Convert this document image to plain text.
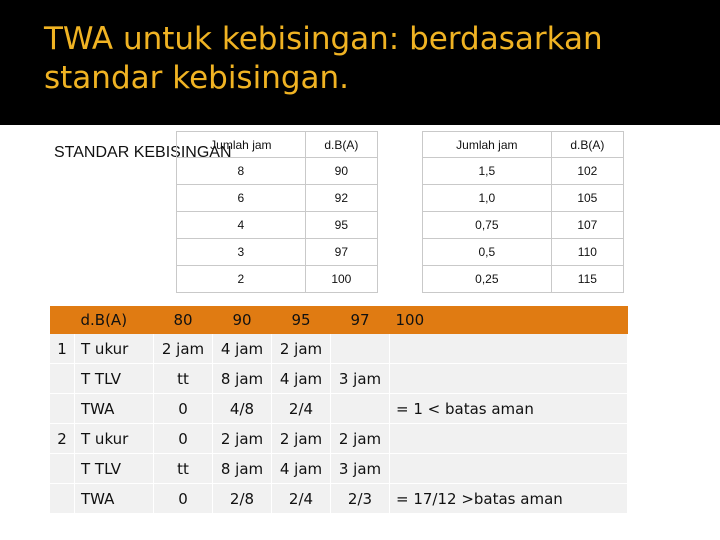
TWA untuk kebisingan: berdasarkan standar kebisingan.
STANDAR KEBISINGAN
Jumlah jam	d.B(A)		Jumlah jam	d.B(A)
8	90		1,5	102
6	92		1,0	105
4	95		0,75	107
3	97		0,5	110
2	100		0,25	115
	d.B(A)	80	90	95	97	100
1	T ukur	2 jam	4 jam	2 jam		
	T TLV	tt	8 jam	4 jam	3 jam	
	TWA	0	4/8	2/4		= 1 < batas aman
2	T ukur	0	2 jam	2 jam	2 jam	
	T TLV	tt	8 jam	4 jam	3 jam	
	TWA	0	2/8	2/4	2/3	= 17/12 >batas aman
